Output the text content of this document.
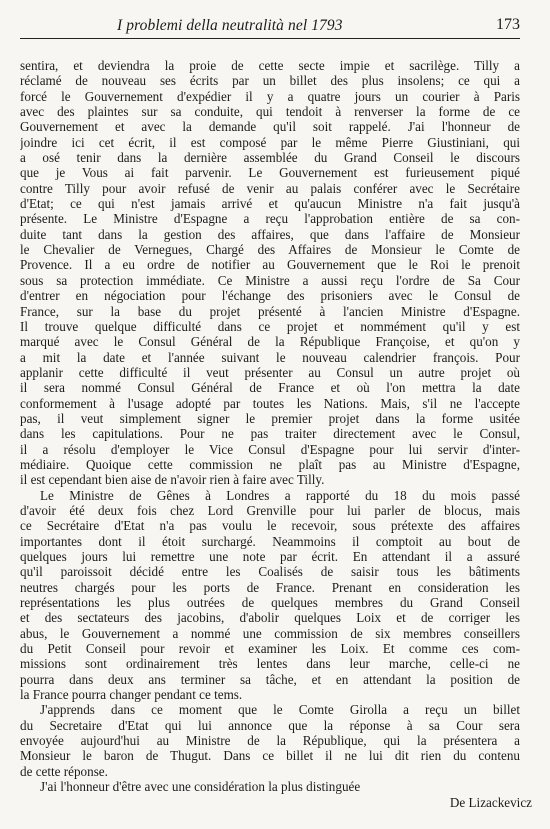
I problemi della neutralità nel 1793	173
sentira, et deviendra la proie de cette secte impie et sacrilège. Tilly a
réclamé de nouveau ses écrits par un billet des plus insolens; ce qui a
forcé le Gouvernement d'expédier il y a quatre jours un courier à Paris
avec des plaintes sur sa conduite, qui tendoit à renverser la forme de ce
Gouvernement et avec la demande qu'il soit rappelé. J'ai l'honneur de
joindre ici cet écrit, il est composé par le même Pierre Giustiniani, qui
a osé tenir dans la dernière assemblée du Grand Conseil le discours
que je Vous ai fait parvenir. Le Gouvernement est furieusement piqué
contre Tilly pour avoir refusé de venir au palais conférer avec le Secrétaire
d'Etat; ce qui n'est jamais arrivé et qu'aucun Ministre n'a fait jusqu'à
présente. Le Ministre d'Espagne a reçu l'approbation entière de sa con-
duite tant dans la gestion des affaires, que dans l'affaire de Monsieur
le Chevalier de Vernegues, Chargé des Affaires de Monsieur le Comte de
Provence. Il a eu ordre de notifier au Gouvernement que le Roi le prenoit
sous sa protection immédiate. Ce Ministre a aussi reçu l'ordre de Sa Cour
d'entrer en négociation pour l'échange des prisoniers avec le Consul de
France, sur la base du projet présenté à l'ancien Ministre d'Espagne.
Il trouve quelque difficulté dans ce projet et nommément qu'il y est
marqué avec le Consul Général de la République Françoise, et qu'on y
a mit la date et l'année suivant le nouveau calendrier françois. Pour
applanir cette difficulté il veut présenter au Consul un autre projet où
il sera nommé Consul Général de France et où l'on mettra la date
conformement à l'usage adopté par toutes les Nations. Mais, s'il ne l'accepte
pas, il veut simplement signer le premier projet dans la forme usitée
dans les capitulations. Pour ne pas traiter directement avec le Consul,
il a résolu d'employer le Vice Consul d'Espagne pour lui servir d'inter-
médiaire. Quoique cette commission ne plaît pas au Ministre d'Espagne,
il est cependant bien aise de n'avoir rien à faire avec Tilly.
Le Ministre de Gênes à Londres a rapporté du 18 du mois passé
d'avoir été deux fois chez Lord Grenville pour lui parler de blocus, mais
ce Secrétaire d'Etat n'a pas voulu le recevoir, sous prétexte des affaires
importantes dont il étoit surchargé. Neammoins il comptoit au bout de
quelques jours lui remettre une note par écrit. En attendant il a assuré
qu'il paroissoit décidé entre les Coalisés de saisir tous les bâtiments
neutres chargés pour les ports de France. Prenant en consideration les
représentations les plus outrées de quelques membres du Grand Conseil
et des sectateurs des jacobins, d'abolir quelques Loix et de corriger les
abus, le Gouvernement a nommé une commission de six membres conseillers
du Petit Conseil pour revoir et examiner les Loix. Et comme ces com-
missions sont ordinairement très lentes dans leur marche, celle-ci ne
pourra dans deux ans terminer sa tâche, et en attendant la position de
la France pourra changer pendant ce tems.
J'apprends dans ce moment que le Comte Girolla a reçu un billet
du Secretaire d'Etat qui lui annonce que la réponse à sa Cour sera
envoyée aujourd'hui au Ministre de la République, qui la présentera a
Monsieur le baron de Thugut. Dans ce billet il ne lui dit rien du contenu
de cette réponse.
J'ai l'honneur d'être avec une considération la plus distinguée
De Lizackevicz
